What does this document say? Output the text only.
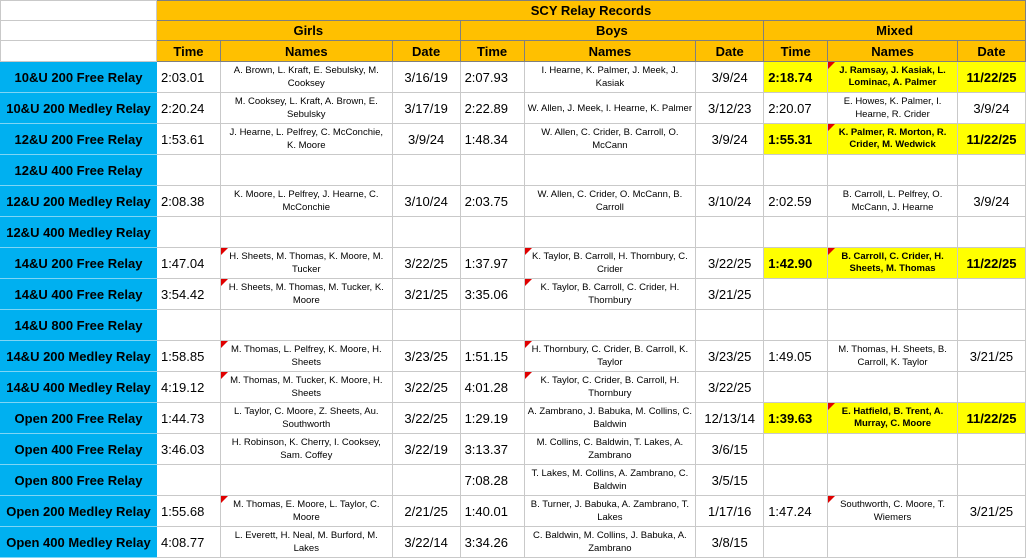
	SCY Relay Records								
	Girls			Boys			Mixed		
	Time	Names	Date	Time	Names	Date	Time	Names	Date
10&U 200 Free Relay	2:03.01	A. Brown, L. Kraft, E. Sebulsky, M. Cooksey	3/16/19	2:07.93	I. Hearne, K. Palmer, J. Meek, J. Kasiak	3/9/24	2:18.74	J. Ramsay, J. Kasiak, L. Lominac, A. Palmer	11/22/25
10&U 200 Medley Relay	2:20.24	M. Cooksey, L. Kraft, A. Brown, E. Sebulsky	3/17/19	2:22.89	W. Allen, J. Meek, I. Hearne, K. Palmer	3/12/23	2:20.07	E. Howes, K. Palmer, I. Hearne, R. Crider	3/9/24
12&U 200 Free Relay	1:53.61	J. Hearne, L. Pelfrey, C. McConchie, K. Moore	3/9/24	1:48.34	W. Allen, C. Crider, B. Carroll, O. McCann	3/9/24	1:55.31	K. Palmer, R. Morton, R. Crider, M. Wedwick	11/22/25
12&U 400 Free Relay									
12&U 200 Medley Relay	2:08.38	K. Moore, L. Pelfrey, J. Hearne, C. McConchie	3/10/24	2:03.75	W. Allen, C. Crider, O. McCann, B. Carroll	3/10/24	2:02.59	B. Carroll, L. Pelfrey, O. McCann, J. Hearne	3/9/24
12&U 400 Medley Relay									
14&U 200 Free Relay	1:47.04	H. Sheets, M. Thomas, K. Moore, M. Tucker	3/22/25	1:37.97	K. Taylor, B. Carroll, H. Thornbury, C. Crider	3/22/25	1:42.90	B. Carroll, C. Crider, H. Sheets, M. Thomas	11/22/25
14&U 400 Free Relay	3:54.42	H. Sheets, M. Thomas, M. Tucker, K. Moore	3/21/25	3:35.06	K. Taylor, B. Carroll, C. Crider, H. Thornbury	3/21/25			
14&U 800 Free Relay									
14&U 200 Medley Relay	1:58.85	M. Thomas, L. Pelfrey, K. Moore, H. Sheets	3/23/25	1:51.15	H. Thornbury, C. Crider, B. Carroll, K. Taylor	3/23/25	1:49.05	M. Thomas, H. Sheets, B. Carroll, K. Taylor	3/21/25
14&U 400 Medley Relay	4:19.12	M. Thomas, M. Tucker, K. Moore, H. Sheets	3/22/25	4:01.28	K. Taylor, C. Crider, B. Carroll, H. Thornbury	3/22/25			
Open 200 Free Relay	1:44.73	L. Taylor, C. Moore, Z. Sheets, Au. Southworth	3/22/25	1:29.19	A. Zambrano, J. Babuka, M. Collins, C. Baldwin	12/13/14	1:39.63	E. Hatfield, B. Trent, A. Murray, C. Moore	11/22/25
Open 400 Free Relay	3:46.03	H. Robinson, K. Cherry, I. Cooksey, Sam. Coffey	3/22/19	3:13.37	M. Collins, C. Baldwin, T. Lakes, A. Zambrano	3/6/15			
Open 800 Free Relay				7:08.28	T. Lakes, M. Collins, A. Zambrano, C. Baldwin	3/5/15			
Open 200 Medley Relay	1:55.68	M. Thomas, E. Moore, L. Taylor, C. Moore	2/21/25	1:40.01	B. Turner, J. Babuka, A. Zambrano, T. Lakes	1/17/16	1:47.24	Southworth, C. Moore, T. Wiemers	3/21/25
Open 400 Medley Relay	4:08.77	L. Everett, H. Neal, M. Burford, M. Lakes	3/22/14	3:34.26	C. Baldwin, M. Collins, J. Babuka, A. Zambrano	3/8/15			
